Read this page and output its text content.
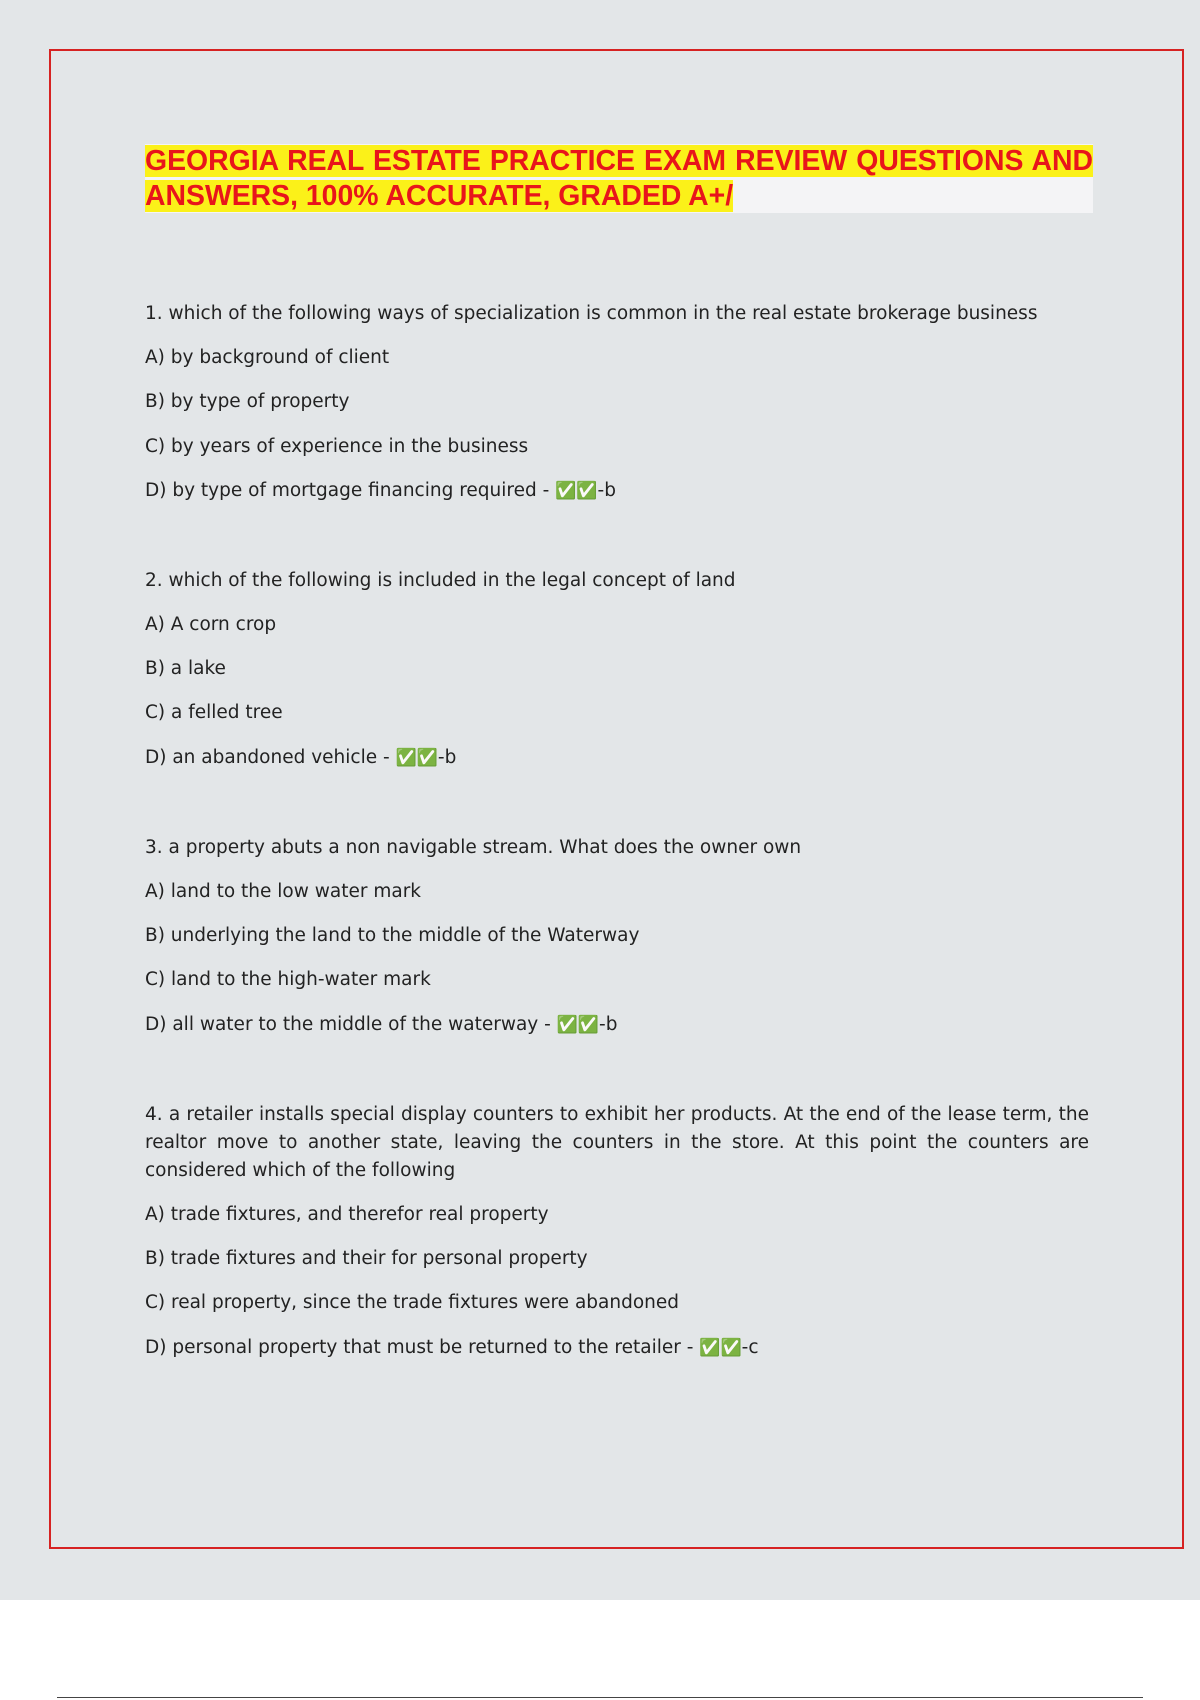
GEORGIA REAL ESTATE PRACTICE EXAM REVIEW QUESTIONS AND ANSWERS, 100% ACCURATE, GRADED A+/
1. which of the following ways of specialization is common in the real estate brokerage business
A) by background of client
B) by type of property
C) by years of experience in the business
D) by type of mortgage financing required - ✅✅-b
2. which of the following is included in the legal concept of land
A) A corn crop
B) a lake
C) a felled tree
D) an abandoned vehicle - ✅✅-b
3. a property abuts a non navigable stream. What does the owner own
A) land to the low water mark
B) underlying the land to the middle of the Waterway
C) land to the high-water mark
D) all water to the middle of the waterway - ✅✅-b
4. a retailer installs special display counters to exhibit her products. At the end of the lease term, the realtor move to another state, leaving the counters in the store. At this point the counters are considered which of the following
A) trade fixtures, and therefor real property
B) trade fixtures and their for personal property
C) real property, since the trade fixtures were abandoned
D) personal property that must be returned to the retailer - ✅✅-c
